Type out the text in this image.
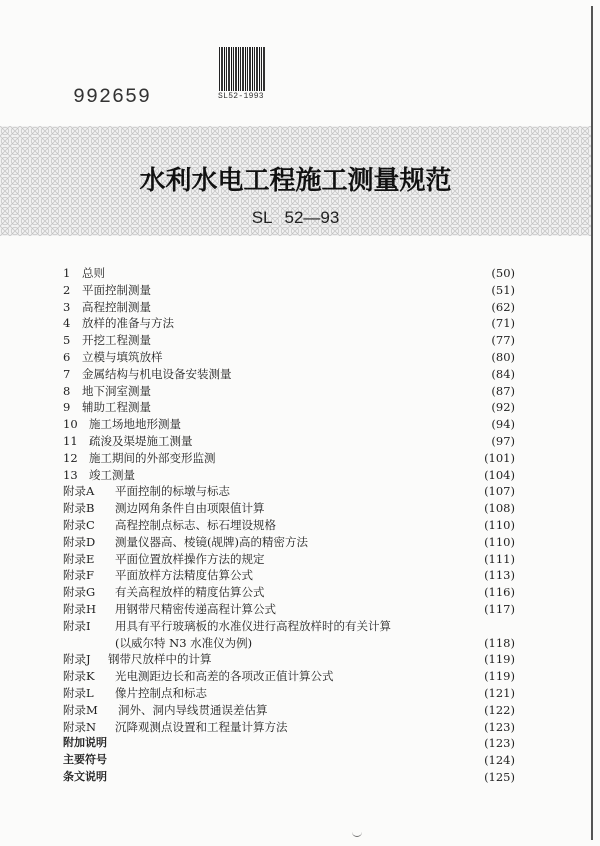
992659	SL52-1993
水利水电工程施工测量规范
SL 52—93
1 总则	(50)
2 平面控制测量	(51)
3 高程控制测量	(62)
4 放样的准备与方法	(71)
5 开挖工程测量	(77)
6 立模与填筑放样	(80)
7 金属结构与机电设备安装测量	(84)
8 地下洞室测量	(87)
9 辅助工程测量	(92)
10 施工场地地形测量	(94)
11 疏浚及渠堤施工测量	(97)
12 施工期间的外部变形监测	(101)
13 竣工测量	(104)
附录A 平面控制的标墩与标志	(107)
附录B 测边网角条件自由项限值计算	(108)
附录C 高程控制点标志、标石埋设规格	(110)
附录D 测量仪器高、棱镜(觇牌)高的精密方法	(110)
附录E 平面位置放样操作方法的规定	(111)
附录F 平面放样方法精度估算公式	(113)
附录G 有关高程放样的精度估算公式	(116)
附录H 用钢带尺精密传递高程计算公式	(117)
附录I 用具有平行玻璃板的水准仪进行高程放样时的有关计算
(以威尔特 N3 水准仪为例)	(118)
附录J 钢带尺放样中的计算	(119)
附录K 光电测距边长和高差的各项改正值计算公式	(119)
附录L 像片控制点和标志	(121)
附录M 洞外、洞内导线贯通误差估算	(122)
附录N 沉降观测点设置和工程量计算方法	(123)
附加说明	(123)
主要符号	(124)
条文说明	(125)
